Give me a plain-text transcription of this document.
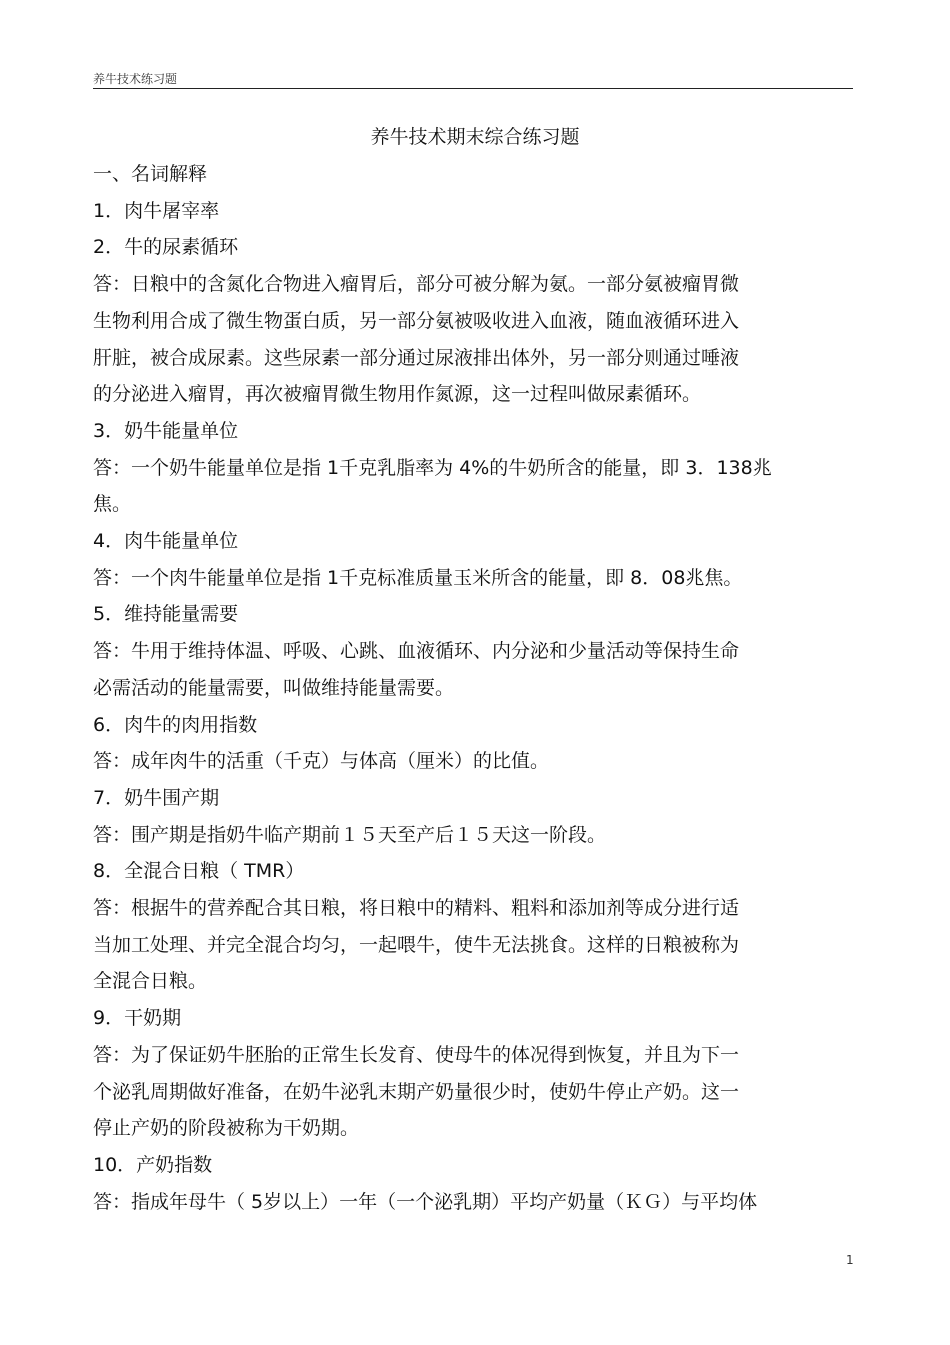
养牛技术练习题
养牛技术期末综合练习题
一、名词解释
1．肉牛屠宰率
2．牛的尿素循环
答：日粮中的含氮化合物进入瘤胃后，部分可被分解为氨。一部分氨被瘤胃微
生物利用合成了微生物蛋白质，另一部分氨被吸收进入血液，随血液循环进入
肝脏，被合成尿素。这些尿素一部分通过尿液排出体外，另一部分则通过唾液
的分泌进入瘤胃，再次被瘤胃微生物用作氮源，这一过程叫做尿素循环。
3．奶牛能量单位
答：一个奶牛能量单位是指 1千克乳脂率为 4%的牛奶所含的能量，即 3．138兆
焦。
4．肉牛能量单位
答：一个肉牛能量单位是指 1千克标准质量玉米所含的能量，即 8．08兆焦。
5．维持能量需要
答：牛用于维持体温、呼吸、心跳、血液循环、内分泌和少量活动等保持生命
必需活动的能量需要，叫做维持能量需要。
6．肉牛的肉用指数
答：成年肉牛的活重（千克）与体高（厘米）的比值。
7．奶牛围产期
答：围产期是指奶牛临产期前１５天至产后１５天这一阶段。
8．全混合日粮（ TMR）
答：根据牛的营养配合其日粮，将日粮中的精料、粗料和添加剂等成分进行适
当加工处理、并完全混合均匀，一起喂牛，使牛无法挑食。这样的日粮被称为
全混合日粮。
9．干奶期
答：为了保证奶牛胚胎的正常生长发育、使母牛的体况得到恢复，并且为下一
个泌乳周期做好准备，在奶牛泌乳末期产奶量很少时，使奶牛停止产奶。这一
停止产奶的阶段被称为干奶期。
10．产奶指数
答：指成年母牛（ 5岁以上）一年（一个泌乳期）平均产奶量（ＫＧ）与平均体
1
